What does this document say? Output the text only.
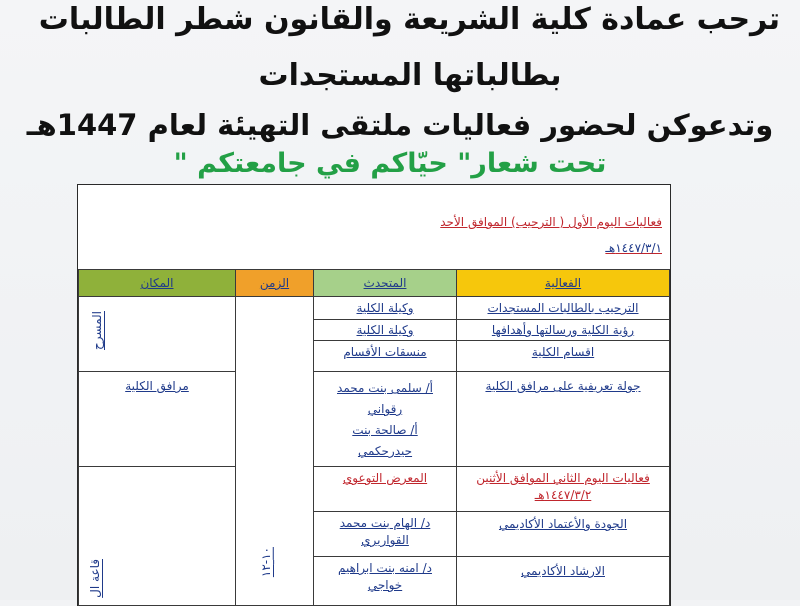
ترحب عمادة كلية الشريعة والقانون شطر الطالبات
بطالباتها المستجدات
وتدعوكن لحضور فعاليات ملتقى التهيئة لعام 1447هـ
تحت شعار" حيّاكم في جامعتكم "
فعاليات اليوم الأول ( الترحيب) الموافق الأحد
١٤٤٧/٣/١هـ
الفعالية
المتحدث
الزمن
المكان
المسرح
مرافق الكلية
قاعة ال	١٠-١٢
الترحيب بالطالبات المستجدات
وكيلة الكلية
رؤية الكلية ورسالتها وأهدافها
وكيلة الكلية
اقسام الكلية
منسقات الأقسام
جولة تعريفية على مرافق الكلية
أ/ سلمى بنت محمد
رقواني
أ/ صالحة بنت
حيدرحكمي
فعاليات اليوم الثاني الموافق الأثنين
١٤٤٧/٣/٢هـ
المعرض التوعوي
الجودة والأعتماد الأكاديمي
د/ الهام بنت محمد
القواريري
الارشاد الأكاديمي
د/ امنه بنت ابراهيم
خواجي
